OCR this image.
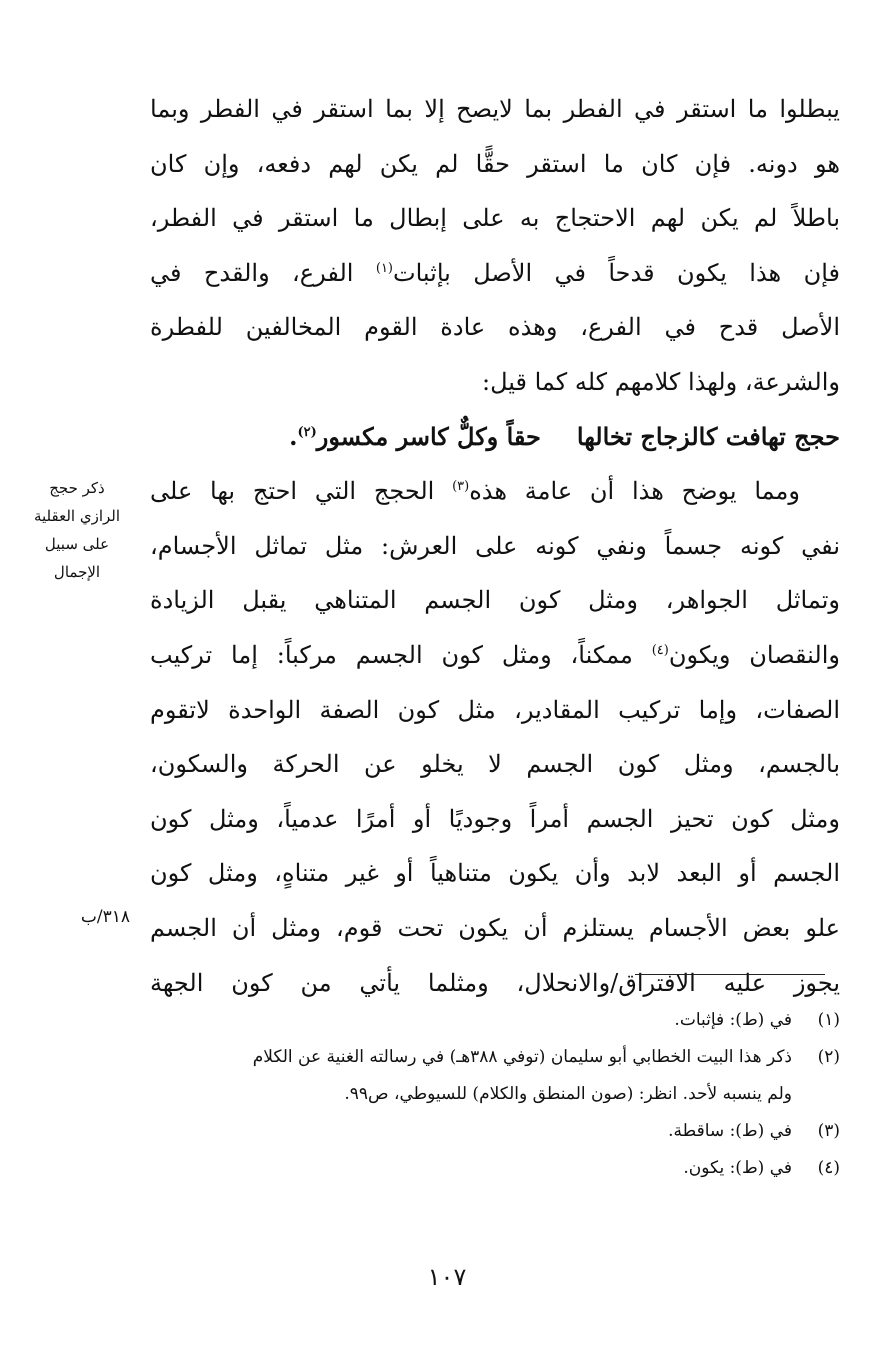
يبطلوا ما استقر في الفطر بما لايصح إلا بما استقر في الفطر وبما
هو دونه. فإن كان ما استقر حقًّا لم يكن لهم دفعه، وإن كان
باطلاً لم يكن لهم الاحتجاج به على إبطال ما استقر في الفطر،
فإن هذا يكون قدحاً في الأصل بإثبات$^{(١)}$ الفرع، والقدح في
الأصل قدح في الفرع، وهذه عادة القوم المخالفين للفطرة
والشرعة، ولهذا كلامهم كله كما قيل:
حجج تهافت كالزجاج تخالهاحقاً وكلٌّ كاسر مكسور$^{(٢)}$.
ومما يوضح هذا أن عامة هذه$^{(٣)}$ الحجج التي احتج بها على
نفي كونه جسماً ونفي كونه على العرش: مثل تماثل الأجسام،
وتماثل الجواهر، ومثل كون الجسم المتناهي يقبل الزيادة
والنقصان ويكون$^{(٤)}$ ممكناً، ومثل كون الجسم مركباً: إما تركيب
الصفات، وإما تركيب المقادير، مثل كون الصفة الواحدة لاتقوم
بالجسم، ومثل كون الجسم لا يخلو عن الحركة والسكون،
ومثل كون تحيز الجسم أمراً وجوديًا أو أمرًا عدمياً، ومثل كون
الجسم أو البعد لابد وأن يكون متناهياً أو غير متناهٍ، ومثل كون
علو بعض الأجسام يستلزم أن يكون تحت قوم، ومثل أن الجسم
يجوز عليه الافتراق/والانحلال، ومثلما يأتي من كون الجهة
ذكر حجج
الرازي العقلية
على سبيل
الإجمال
٣١٨/ب
(١)في (ط): فإثبات.
(٢)ذكر هذا البيت الخطابي أبو سليمان (توفي ٣٨٨هـ) في رسالته الغنية عن الكلام
ولم ينسبه لأحد. انظر: (صون المنطق والكلام) للسيوطي، ص٩٩.
(٣)في (ط): ساقطة.
(٤)في (ط): يكون.
١٠٧
